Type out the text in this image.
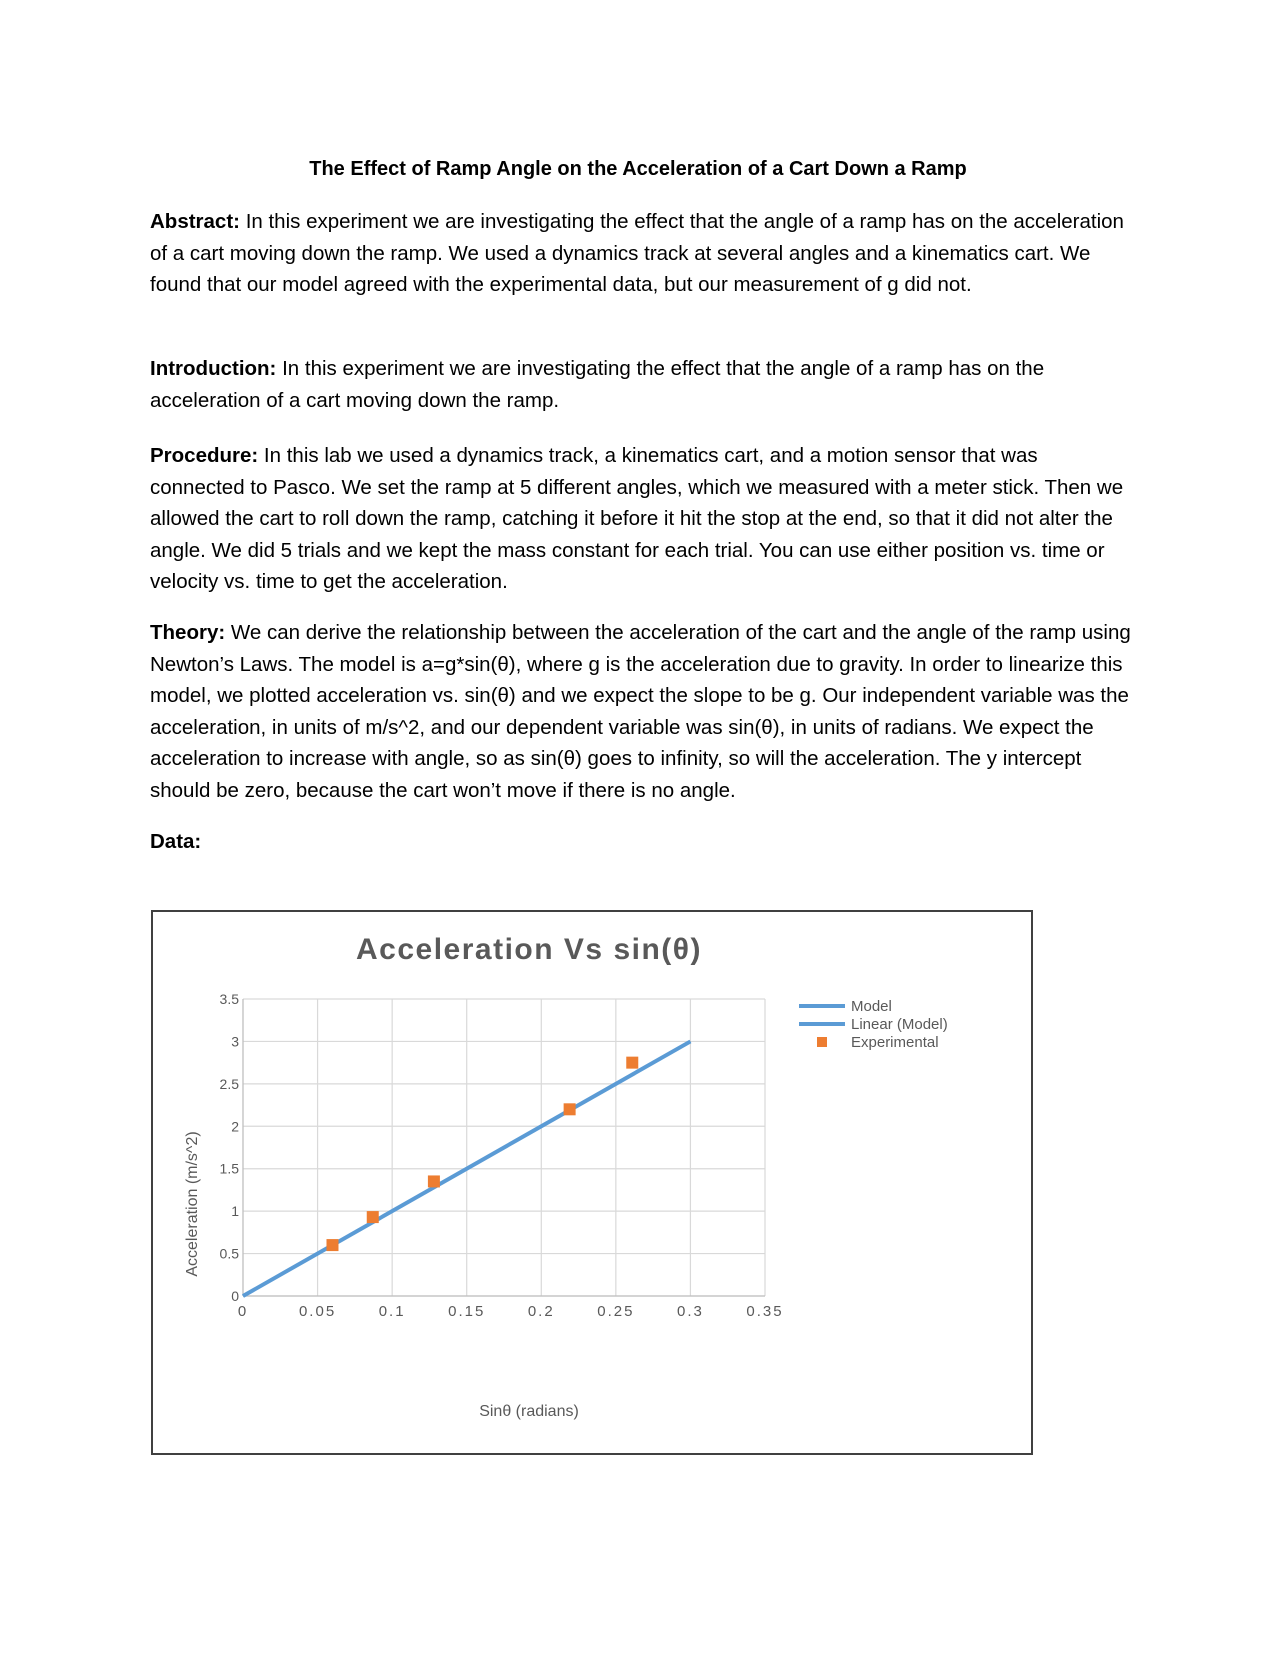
The Effect of Ramp Angle on the Acceleration of a Cart Down a Ramp

Abstract: In this experiment we are investigating the effect that the angle of a ramp has on the acceleration of a cart moving down the ramp. We used a dynamics track at several angles and a kinematics cart. We found that our model agreed with the experimental data, but our measurement of g did not.

Introduction: In this experiment we are investigating the effect that the angle of a ramp has on the acceleration of a cart moving down the ramp.

Procedure: In this lab we used a dynamics track, a kinematics cart, and a motion sensor that was connected to Pasco. We set the ramp at 5 different angles, which we measured with a meter stick. Then we allowed the cart to roll down the ramp, catching it before it hit the stop at the end, so that it did not alter the angle. We did 5 trials and we kept the mass constant for each trial. You can use either position vs. time or velocity vs. time to get the acceleration.

Theory: We can derive the relationship between the acceleration of the cart and the angle of the ramp using Newton’s Laws. The model is a=g*sin(θ), where g is the acceleration due to gravity. In order to linearize this model, we plotted acceleration vs. sin(θ) and we expect the slope to be g. Our independent variable was the acceleration, in units of m/s^2, and our dependent variable was sin(θ), in units of radians. We expect the acceleration to increase with angle, so as sin(θ) goes to infinity, so will the acceleration. The y intercept should be zero, because the cart won’t move if there is no angle.

Data:

Acceleration Vs sin(θ)
0
0.5
1
1.5
2
2.5
3
3.5
0	0.05	0.1	0.15	0.2	0.25	0.3	0.35
Sinθ (radians)
Acceleration (m/s^2)
Model
Linear (Model)
Experimental
